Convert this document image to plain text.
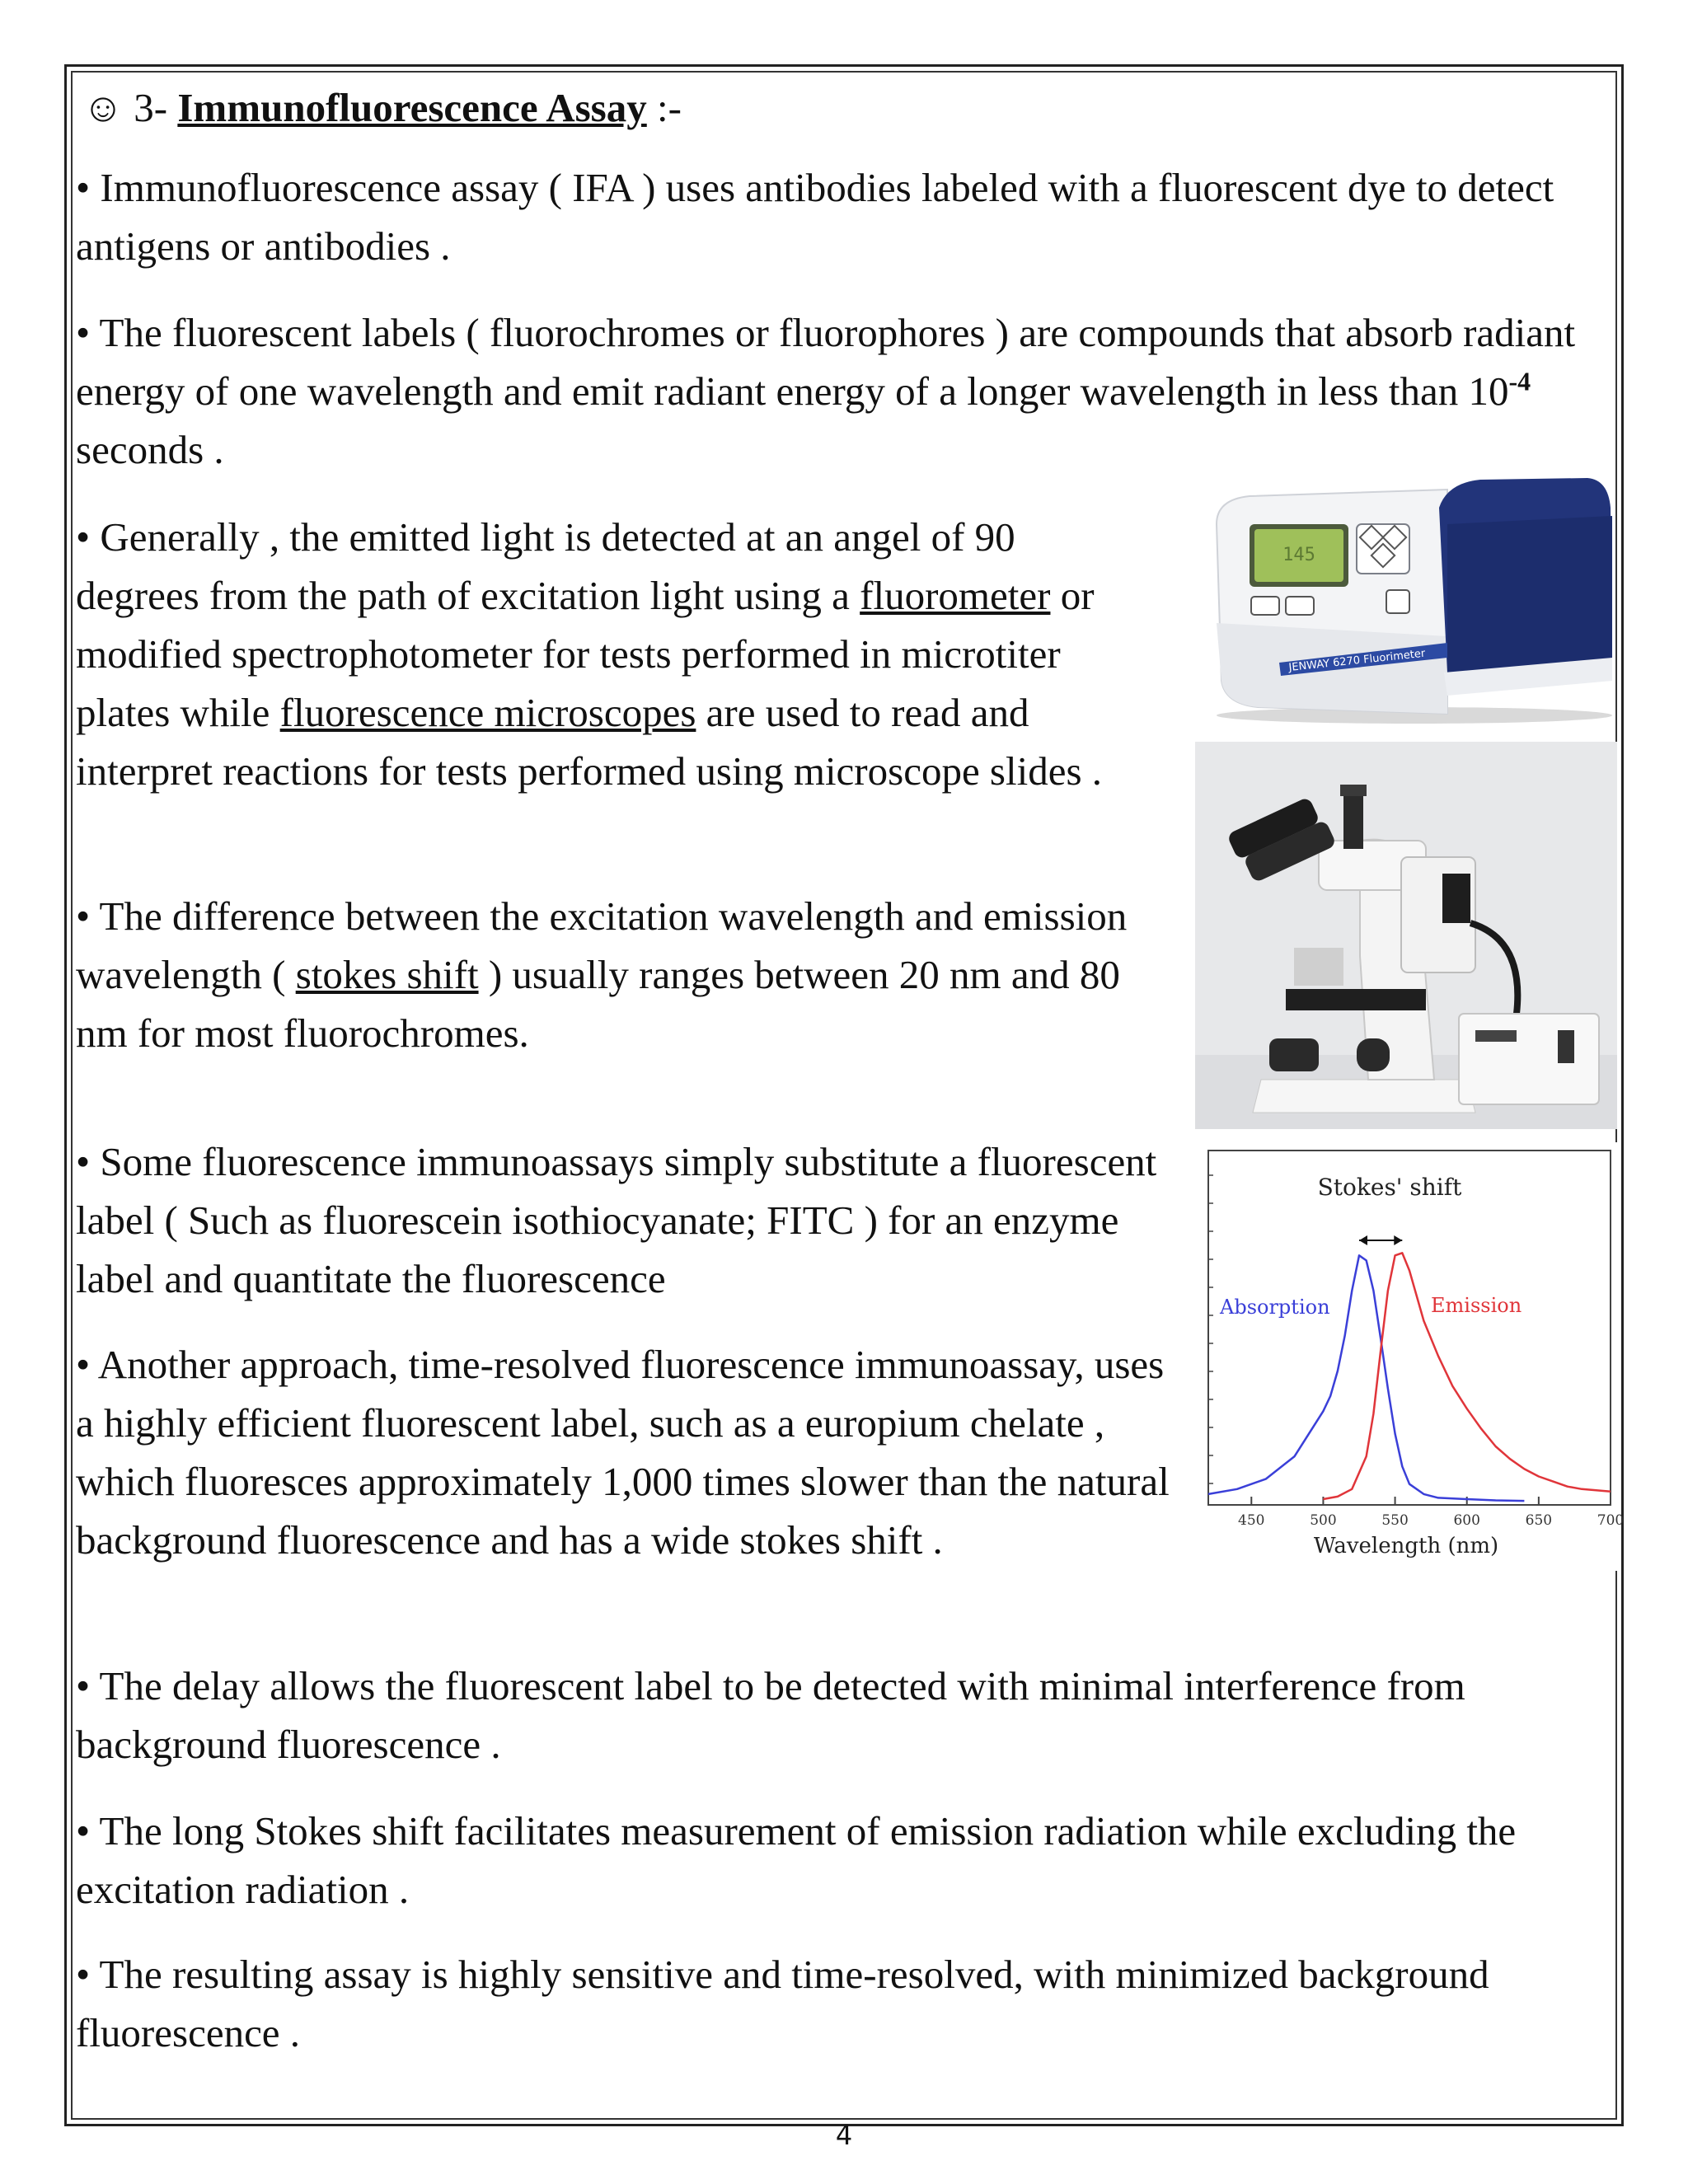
☺ 3- Immunofluorescence Assay :-

• Immunofluorescence assay ( IFA ) uses antibodies labeled with a fluorescent dye to detect antigens or antibodies .

• The fluorescent labels ( fluorochromes or fluorophores ) are compounds that absorb radiant energy of one wavelength and emit radiant energy of a longer wavelength in less than $10^{-4}$ seconds .

• Generally , the emitted light is detected at an angel of 90 degrees from the path of excitation light using a fluorometer or modified spectrophotometer for tests performed in microtiter plates while fluorescence microscopes are used to read and interpret reactions for tests performed using microscope slides .

• The difference between the excitation wavelength and emission wavelength ( stokes shift ) usually ranges between 20 nm and 80 nm for most fluorochromes.

• Some fluorescence immunoassays simply substitute a fluorescent label ( Such as fluorescein isothiocyanate; FITC ) for an enzyme label and quantitate the fluorescence

• Another approach, time-resolved fluorescence immunoassay, uses a highly efficient fluorescent label, such as a europium chelate , which fluoresces approximately 1,000 times slower than the natural background fluorescence and has a wide stokes shift .

• The delay allows the fluorescent label to be detected with minimal interference from background fluorescence .

• The long Stokes shift facilitates measurement of emission radiation while excluding the excitation radiation .

• The resulting assay is highly sensitive and time-resolved, with minimized background fluorescence .

145
JENWAY 6270 Fluorimeter
Stokes' shift
450	500	550	600	650	700
Absorption	Emission
Wavelength (nm)
4
